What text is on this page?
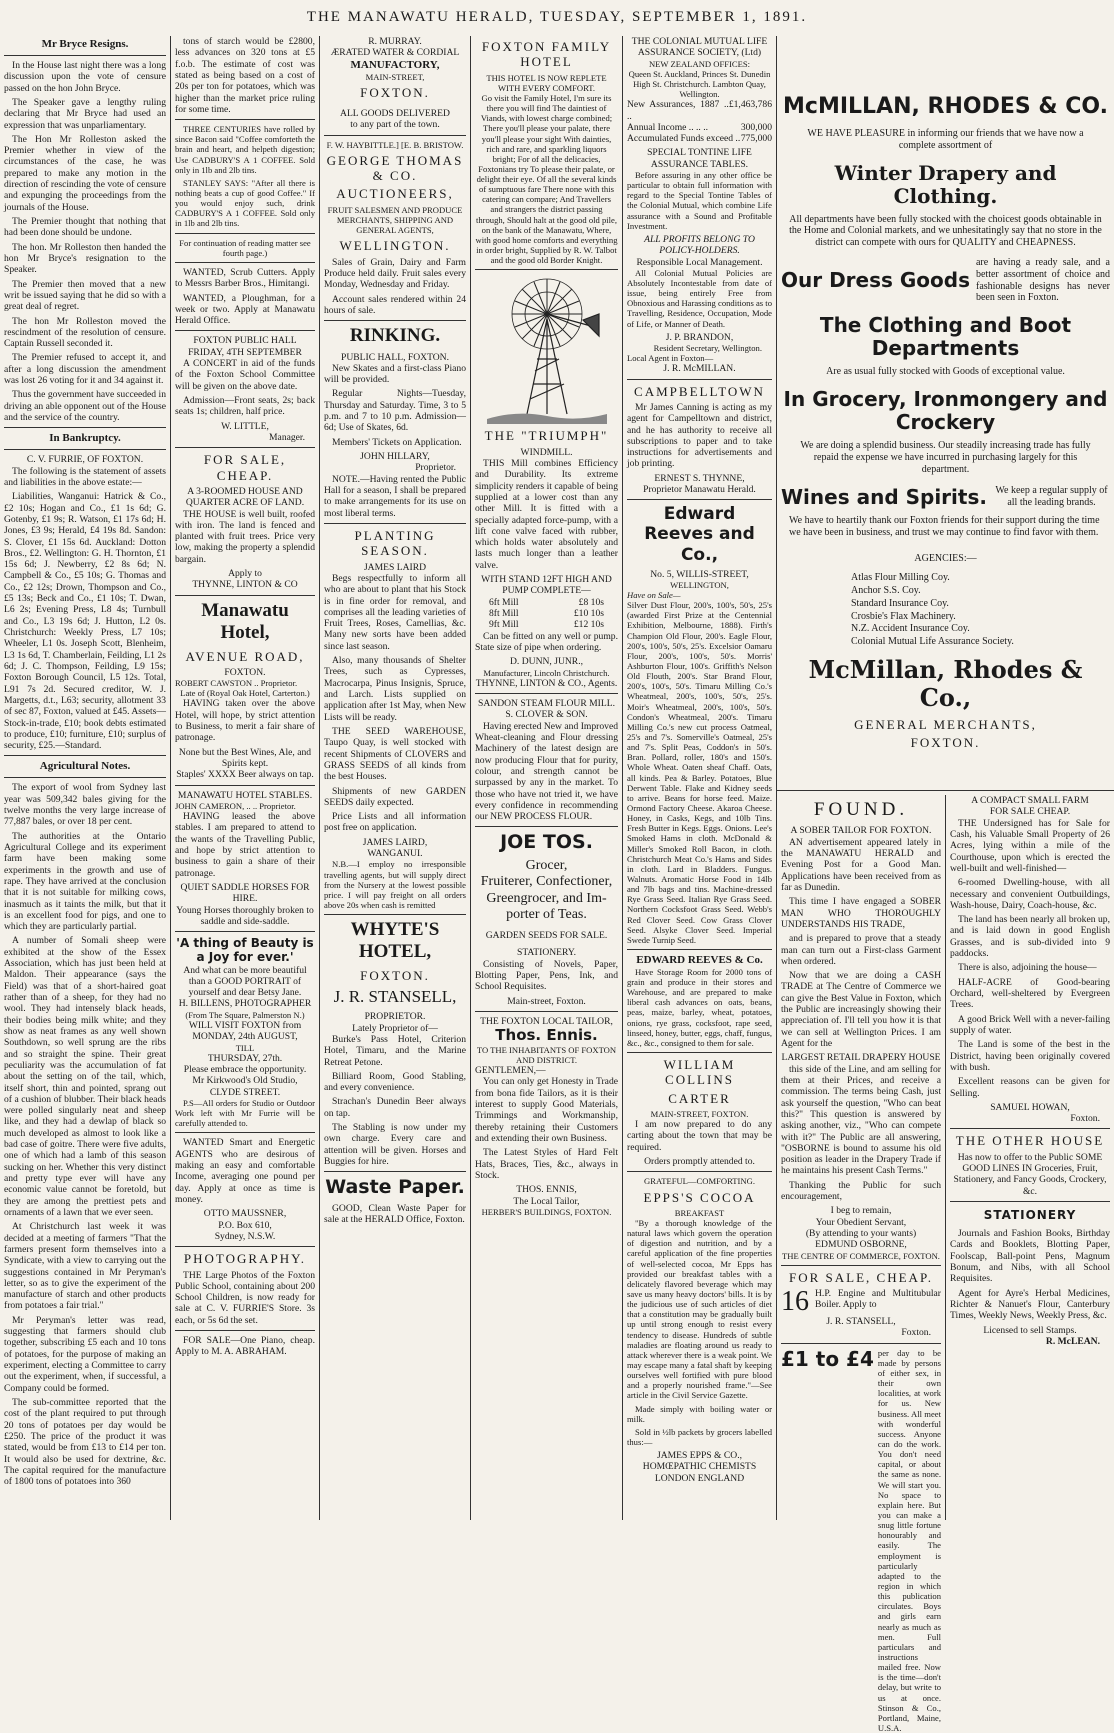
THE MANAWATU HERALD, TUESDAY, SEPTEMBER 1, 1891.
Mr Bryce Resigns.

In the House last night there was a long discussion upon the vote of censure passed on the hon John Bryce.

The Speaker gave a lengthy ruling declaring that Mr Bryce had used an expression that was unparliamentary.

The Hon Mr Rolleston asked the Premier whether in view of the circumstances of the case, he was prepared to make any motion in the direction of rescinding the vote of censure and expunging the proceedings from the journals of the House.

The Premier thought that nothing that had been done should be undone.

The hon. Mr Rolleston then handed the hon Mr Bryce's resignation to the Speaker.

The Premier then moved that a new writ be issued saying that he did so with a great deal of regret.

The hon Mr Rolleston moved the rescindment of the resolution of censure. Captain Russell seconded it.

The Premier refused to accept it, and after a long discussion the amendment was lost 26 voting for it and 34 against it.

Thus the government have succeeded in driving an able opponent out of the House and the service of the country.

In Bankruptcy.
C. V. FURRIE, OF FOXTON.

The following is the statement of assets and liabilities in the above estate:—

Liabilities, Wanganui: Hatrick & Co., £2 10s; Hogan and Co., £1 1s 6d; G. Gotenby, £1 9s; R. Watson, £1 17s 6d; H. Jones, £3 9s; Herald, £4 19s 8d. Sandon: S. Clover, £1 15s 6d. Auckland: Dotton Bros., £2. Wellington: G. H. Thornton, £1 15s 6d; J. Newberry, £2 8s 6d; N. Campbell & Co., £5 10s; G. Thomas and Co., £2 12s; Drown, Thompson and Co., £5 13s; Beck and Co., £1 10s; T. Dwan, L6 2s; Evening Press, L8 4s; Turnbull and Co., L3 19s 6d; J. Hutton, L2 0s. Christchurch: Weekly Press, L7 10s; Wheeler, L1 0s. Joseph Scott, Blenheim, L3 1s 6d, T. Chamberlain, Feilding, L1 2s 6d; J. C. Thompson, Feilding, L9 15s; Foxton Borough Council, L5 12s. Total, L91 7s 2d. Secured creditor, W. J. Margetts, d.t., L63; security, allotment 33 of sec 87, Foxton, valued at £45. Assets—Stock-in-trade, £10; book debts estimated to produce, £10; furniture, £10; surplus of security, £25.—Standard.

Agricultural Notes.

The export of wool from Sydney last year was 509,342 bales giving for the twelve months the very large increase of 77,887 bales, or over 18 per cent.

The authorities at the Ontario Agricultural College and its experiment farm have been making some experiments in the growth and use of rape. They have arrived at the conclusion that it is not suitable for milking cows, inasmuch as it taints the milk, but that it is an excellent food for pigs, and one to which they are particularly partial.

A number of Somali sheep were exhibited at the show of the Essex Association, which has just been held at Maldon. Their appearance (says the Field) was that of a short-haired goat rather than of a sheep, for they had no wool. They had intensely black heads, their bodies being milk white; and they show as neat frames as any well shown Southdown, so well sprung are the ribs and so straight the spine. Their great peculiarity was the accumulation of fat about the setting on of the tail, which, itself short, thin and pointed, sprang out of a cushion of blubber. Their black heads were polled singularly neat and sheep like, and they had a dewlap of black so much developed as almost to look like a bad case of goitre. There were five adults, one of which had a lamb of this season sucking on her. Whether this very distinct and pretty type ever will have any economic value cannot be foretold, but they are among the prettiest pets and ornaments of a lawn that we ever seen.

At Christchurch last week it was decided at a meeting of farmers "That the farmers present form themselves into a Syndicate, with a view to carrying out the suggestions contained in Mr Peryman's letter, so as to give the experiment of the manufacture of starch and other products from potatoes a fair trial."

Mr Peryman's letter was read, suggesting that farmers should club together, subscribing £5 each and 10 tons of potatoes, for the purpose of making an experiment, electing a Committee to carry out the experiment, when, if successful, a Company could be formed.

The sub-committee reported that the cost of the plant required to put through 20 tons of potatoes per day would be £250. The price of the product it was stated, would be from £13 to £14 per ton. It would also be used for dextrine, &c. The capital required for the manufacture of 1800 tons of potatoes into 360

tons of starch would be £2800, less advances on 320 tons at £5 f.o.b. The estimate of cost was stated as being based on a cost of 20s per ton for potatoes, which was higher than the market price ruling for some time.

THREE CENTURIES have rolled by since Bacon said "Coffee comforteth the brain and heart, and helpeth digestion; Use CADBURY'S A 1 COFFEE. Sold only in 1lb and 2lb tins.

STANLEY SAYS: "After all there is nothing beats a cup of good Coffee." If you would enjoy such, drink CADBURY'S A 1 COFFEE. Sold only in 1lb and 2lb tins.

For continuation of reading matter see fourth page.)

WANTED, Scrub Cutters. Apply to Messrs Barber Bros., Himitangi.

WANTED, a Ploughman, for a week or two. Apply at Manawatu Herald Office.

FOXTON PUBLIC HALL
FRIDAY, 4TH SEPTEMBER

A CONCERT in aid of the funds of the Foxton School Committee will be given on the above date.

Admission—Front seats, 2s; back seats 1s; children, half price.

W. LITTLE,
Manager.
FOR SALE, CHEAP.
A 3-ROOMED HOUSE AND
QUARTER ACRE OF LAND.

THE HOUSE is well built, roofed with iron. The land is fenced and planted with fruit trees. Price very low, making the property a splendid bargain.

Apply to
THYNNE, LINTON & CO
Manawatu Hotel,
AVENUE ROAD,
FOXTON.
ROBERT CAWSTON .. Proprietor.
Late of (Royal Oak Hotel, Carterton.)

HAVING taken over the above Hotel, will hope, by strict attention to Business, to merit a fair share of patronage.

None but the Best Wines, Ale, and Spirits kept.
Staples' XXXX Beer always on tap.
MANAWATU HOTEL STABLES.
JOHN CAMERON, .. .. Proprietor.

HAVING leased the above stables. I am prepared to attend to the wants of the Travelling Public, and hope by strict attention to business to gain a share of their patronage.

QUIET SADDLE HORSES FOR HIRE.
Young Horses thoroughly broken to saddle and side-saddle.
'A thing of Beauty is a Joy for ever.'
And what can be more beautiful than a GOOD PORTRAIT of yourself and dear Betsy Jane.
H. BILLENS, PHOTOGRAPHER
(From The Square, Palmerston N.)
WILL VISIT FOXTON from
MONDAY, 24th AUGUST,
TILL
THURSDAY, 27th.
Please embrace the opportunity.
Mr Kirkwood's Old Studio,
CLYDE STREET.

P.S—All orders for Studio or Outdoor Work left with Mr Furrie will be carefully attended to.

WANTED Smart and Energetic AGENTS who are desirous of making an easy and comfortable Income, averaging one pound per day. Apply at once as time is money.

OTTO MAUSSNER,
P.O. Box 610,
Sydney, N.S.W.
PHOTOGRAPHY.

THE Large Photos of the Foxton Public School, containing about 200 School Children, is now ready for sale at C. V. FURRIE'S Store. 3s each, or 5s 6d the set.

FOR SALE—One Piano, cheap. Apply to M. A. ABRAHAM.

R. MURRAY.
ÆRATED WATER & CORDIAL
MANUFACTORY,
MAIN-STREET,
FOXTON.
ALL GOODS DELIVERED
to any part of the town.
F. W. HAYBITTLE.] [E. B. BRISTOW.
GEORGE THOMAS & CO.
AUCTIONEERS,
FRUIT SALESMEN AND PRODUCE MERCHANTS, SHIPPING AND GENERAL AGENTS,
WELLINGTON.

Sales of Grain, Dairy and Farm Produce held daily. Fruit sales every Monday, Wednesday and Friday.

Account sales rendered within 24 hours of sale.

RINKING.
PUBLIC HALL, FOXTON.

New Skates and a first-class Piano will be provided.

Regular Nights—Tuesday, Thursday and Saturday. Time, 3 to 5 p.m. and 7 to 10 p.m. Admission—6d; Use of Skates, 6d.

Members' Tickets on Application.

JOHN HILLARY,
Proprietor.

NOTE.—Having rented the Public Hall for a season, I shall be prepared to make arrangements for its use on most liberal terms.

PLANTING SEASON.
JAMES LAIRD

Begs respectfully to inform all who are about to plant that his Stock is in fine order for removal, and comprises all the leading varieties of Fruit Trees, Roses, Camellias, &c. Many new sorts have been added since last season.

Also, many thousands of Shelter Trees, such as Cypresses, Macrocarpa, Pinus Insignis, Spruce, and Larch. Lists supplied on application after 1st May, when New Lists will be ready.

THE SEED WAREHOUSE, Taupo Quay, is well stocked with recent Shipments of CLOVERS and GRASS SEEDS of all kinds from the best Houses.

Shipments of new GARDEN SEEDS daily expected.

Price Lists and all information post free on application.

JAMES LAIRD,
WANGANUI.

N.B.—I employ no irresponsible travelling agents, but will supply direct from the Nursery at the lowest possible price. I will pay freight on all orders above 20s when cash is remitted

WHYTE'S HOTEL,
FOXTON.
J. R. STANSELL,
PROPRIETOR.
Lately Proprietor of—

Burke's Pass Hotel, Criterion Hotel, Timaru, and the Marine Retreat Petone.

Billiard Room, Good Stabling, and every convenience.

Strachan's Dunedin Beer always on tap.

The Stabling is now under my own charge. Every care and attention will be given. Horses and Buggies for hire.

Waste Paper.

GOOD, Clean Waste Paper for sale at the HERALD Office, Foxton.

FOXTON FAMILY HOTEL
THIS HOTEL IS NOW REPLETE WITH EVERY COMFORT.

Go visit the Family Hotel, I'm sure its there you will find The daintiest of Viands, with lowest charge combined; There you'll please your palate, there you'll please your sight With dainties, rich and rare, and sparkling liquors bright; For of all the delicacies, Foxtonians try To please their palate, or delight their eye. Of all the several kinds of sumptuous fare There none with this catering can compare; And Travellers and strangers the district passing through, Should halt at the good old pile, on the bank of the Manawatu, Where, with good home comforts and everything in order bright, Supplied by R. W. Talbot and the good old Border Knight.

THE "TRIUMPH"
WINDMILL.

THIS Mill combines Efficiency and Durability. Its extreme simplicity renders it capable of being supplied at a lower cost than any other Mill. It is fitted with a specially adapted force-pump, with a lift cone valve faced with rubber, which holds water absolutely and lasts much longer than a leather valve.

WITH STAND 12FT HIGH AND PUMP COMPLETE—
6ft Mill	£8 10s
8ft Mill	£10 10s
9ft Mill	£12 10s

Can be fitted on any well or pump. State size of pipe when ordering.

D. DUNN, JUNR.,
Manufacturer, Lincoln Christchurch.
THYNNE, LINTON & CO., Agents.
SANDON STEAM FLOUR MILL.
S. CLOVER & SON.

Having erected New and Improved Wheat-cleaning and Flour dressing Machinery of the latest design are now producing Flour that for purity, colour, and strength cannot be surpassed by any in the market. To those who have not tried it, we have every confidence in recommending our NEW PROCESS FLOUR.

JOE TOS.
Grocer,
Fruiterer, Confectioner,
Greengrocer, and Im-
porter of Teas.
GARDEN SEEDS FOR SALE.
STATIONERY.

Consisting of Novels, Paper, Blotting Paper, Pens, Ink, and School Requisites.

Main-street, Foxton.
THE FOXTON LOCAL TAILOR,
Thos. Ennis.
TO THE INHABITANTS OF FOXTON AND DISTRICT.
GENTLEMEN,—

You can only get Honesty in Trade from bona fide Tailors, as it is their interest to supply Good Materials, Trimmings and Workmanship, thereby retaining their Customers and extending their own Business.

The Latest Styles of Hard Felt Hats, Braces, Ties, &c., always in Stock.

THOS. ENNIS,
The Local Tailor,
HERBER'S BUILDINGS, FOXTON.
THE COLONIAL MUTUAL LIFE ASSURANCE SOCIETY, (Ltd)
NEW ZEALAND OFFICES:
Queen St. Auckland, Princes St. Dunedin High St. Christchurch. Lambton Quay, Wellington.
New Assurances, 1887 .. ..
£1,463,786
Annual Income .. .. ..	300,000
Accumulated Funds exceed .. 775,000
SPECIAL TONTINE LIFE ASSURANCE TABLES.

Before assuring in any other office be particular to obtain full information with regard to the Special Tontine Tables of the Colonial Mutual, which combine Life assurance with a Sound and Profitable Investment.

ALL PROFITS BELONG TO POLICY-HOLDERS.
Responsible Local Management.

All Colonial Mutual Policies are Absolutely Incontestable from date of issue, being entirely Free from Obnoxious and Harassing conditions as to Travelling, Residence, Occupation, Mode of Life, or Manner of Death.

J. P. BRANDON,
Resident Secretary, Wellington.
Local Agent in Foxton—
J. R. McMILLAN.
CAMPBELLTOWN

Mr James Canning is acting as my agent for Campelltown and district, and he has authority to receive all subscriptions to paper and to take instructions for advertisements and job printing.

ERNEST S. THYNNE,
Proprietor Manawatu Herald.
Edward Reeves and Co.,
No. 5, WILLIS-STREET,
WELLINGTON,
Have on Sale—

Silver Dust Flour, 200's, 100's, 50's, 25's (awarded First Prize at the Centennial Exhibition, Melbourne, 1888). Firth's Champion Old Flour, 200's. Eagle Flour, 200's, 100's, 50's, 25's. Excelsior Oamaru Flour, 200's, 100's, 50's. Morris' Ashburton Flour, 100's. Griffith's Nelson Old Flouth, 200's. Star Brand Flour, 200's, 100's, 50's. Timaru Milling Co.'s Wheatmeal, 200's, 100's, 50's, 25's. Moir's Wheatmeal, 200's, 100's, 50's. Condon's Wheatmeal, 200's. Timaru Milling Co.'s new cut process Oatmeal, 25's and 7's. Somerville's Oatmeal, 25's and 7's. Split Peas, Coddon's in 50's. Bran. Pollard, roller, 180's and 150's. Whole Wheat. Oaten sheaf Chaff. Oats, all kinds. Pea & Barley. Potatoes, Blue Derwent Table. Flake and Kidney seeds to arrive. Beans for horse feed. Maize. Ormond Factory Cheese. Akaroa Cheese. Honey, in Casks, Kegs, and 10lb Tins. Fresh Butter in Kegs. Eggs. Onions. Lee's Smoked Hams in cloth. McDonald & Miller's Smoked Roll Bacon, in cloth. Christchurch Meat Co.'s Hams and Sides in cloth. Lard in Bladders. Fungus. Walnuts. Aromatic Horse Food in 14lb and 7lb bags and tins. Machine-dressed Rye Grass Seed. Italian Rye Grass Seed. Northern Cocksfoot Grass Seed. Webb's Red Clover Seed. Cow Grass Clover Seed. Alsyke Clover Seed. Imperial Swede Turnip Seed.

EDWARD REEVES & Co.

Have Storage Room for 2000 tons of grain and produce in their stores and Warehouse, and are prepared to make liberal cash advances on oats, beans, peas, maize, barley, wheat, potatoes, onions, rye grass, cocksfoot, rape seed, linseed, honey, butter, eggs, chaff, fungus, &c., &c., consigned to them for sale.

WILLIAM COLLINS
CARTER
MAIN-STREET, FOXTON.

I am now prepared to do any carting about the town that may be required.

Orders promptly attended to.
GRATEFUL—COMFORTING.
EPPS'S COCOA
BREAKFAST

"By a thorough knowledge of the natural laws which govern the operation of digestion and nutrition, and by a careful application of the fine properties of well-selected cocoa, Mr Epps has provided our breakfast tables with a delicately flavored beverage which may save us many heavy doctors' bills. It is by the judicious use of such articles of diet that a constitution may be gradually built up until strong enough to resist every tendency to disease. Hundreds of subtle maladies are floating around us ready to attack wherever there is a weak point. We may escape many a fatal shaft by keeping ourselves well fortified with pure blood and a properly nourished frame."—See article in the Civil Service Gazette.

Made simply with boiling water or milk.

Sold in ½lb packets by grocers labelled thus:—

JAMES EPPS & CO.,
HOMŒPATHIC CHEMISTS
LONDON ENGLAND
McMILLAN, RHODES & CO.
WE HAVE PLEASURE in informing our friends that we have now a complete assortment of
Winter Drapery and Clothing.
All departments have been fully stocked with the choicest goods obtainable in the Home and Colonial markets, and we unhesitatingly say that no store in the district can compete with ours for QUALITY and CHEAPNESS.
Our Dress Goods
are having a ready sale, and a better assortment of choice and fashionable designs has never been seen in Foxton.
The Clothing and Boot Departments
Are as usual fully stocked with Goods of exceptional value.
In Grocery, Ironmongery and Crockery
We are doing a splendid business. Our steadily increasing trade has fully repaid the expense we have incurred in purchasing largely for this department.
Wines and Spirits. We keep a regular supply of all the leading brands.
We have to heartily thank our Foxton friends for their support during the time we have been in business, and trust we may continue to find favor with them.
AGENCIES:—
Atlas Flour Milling Coy.
Anchor S.S. Coy.
Standard Insurance Coy.
Crosbie's Flax Machinery.
N.Z. Accident Insurance Coy.
Colonial Mutual Life Assurance Society.
McMillan, Rhodes & Co.,
GENERAL MERCHANTS,
FOXTON.
FOUND.
A SOBER TAILOR FOR FOXTON.

AN advertisement appeared lately in the MANAWATU HERALD and Evening Post for a Good Man. Applications have been received from as far as Dunedin.

This time I have engaged a SOBER MAN WHO THOROUGHLY UNDERSTANDS HIS TRADE,

and is prepared to prove that a steady man can turn out a First-class Garment when ordered.

Now that we are doing a CASH TRADE at The Centre of Commerce we can give the Best Value in Foxton, which the Public are increasingly showing their appreciation of. I'll tell you how it is that we can sell at Wellington Prices. I am Agent for the

LARGEST RETAIL DRAPERY HOUSE

this side of the Line, and am selling for them at their Prices, and receive a commission. The terms being Cash, just ask yourself the question, "Who can beat this?" This question is answered by asking another, viz., "Who can compete with it?" The Public are all answering, "OSBORNE is bound to assume his old position as leader in the Drapery Trade if he maintains his present Cash Terms."

Thanking the Public for such encouragement,

I beg to remain,
Your Obedient Servant,
(By attending to your wants)
EDMUND OSBORNE,
THE CENTRE OF COMMERCE, FOXTON.
FOR SALE, CHEAP.
16 H.P. Engine and Multitubular Boiler. Apply to
J. R. STANSELL,
Foxton.
£1 to £4 per day to be made by persons of either sex, in their own localities, at work for us. New business. All meet with wonderful success. Anyone can do the work. You don't need capital, or about the same as none. We will start you. No space to explain here. But you can make a snug little fortune honourably and easily. The employment is particularly adapted to the region in which this publication circulates. Boys and girls earn nearly as much as men. Full particulars and instructions mailed free. Now is the time—don't delay, but write to us at once. Stinson & Co., Portland, Maine, U.S.A.
A COMPACT SMALL FARM
FOR SALE CHEAP.

THE Undersigned has for Sale for Cash, his Valuable Small Property of 26 Acres, lying within a mile of the Courthouse, upon which is erected the well-built and well-finished—

6-roomed Dwelling-house, with all necessary and convenient Outbuildings, Wash-house, Dairy, Coach-house, &c.

The land has been nearly all broken up, and is laid down in good English Grasses, and is sub-divided into 9 paddocks.

There is also, adjoining the house—

HALF-ACRE of Good-bearing Orchard, well-sheltered by Evergreen Trees.

A good Brick Well with a never-failing supply of water.

The Land is some of the best in the District, having been originally covered with bush.

Excellent reasons can be given for Selling.

SAMUEL HOWAN,
Foxton.
THE OTHER HOUSE

Has now to offer to the Public SOME GOOD LINES IN Groceries, Fruit, Stationery, and Fancy Goods, Crockery, &c.

STATIONERY

Journals and Fashion Books, Birthday Cards and Booklets, Blotting Paper, Foolscap, Ball-point Pens, Magnum Bonum, and Nibs, with all School Requisites.

Agent for Ayre's Herbal Medicines, Richter & Nanuet's Flour, Canterbury Times, Weekly News, Weekly Press, &c.

Licensed to sell Stamps.
R. McLEAN.
